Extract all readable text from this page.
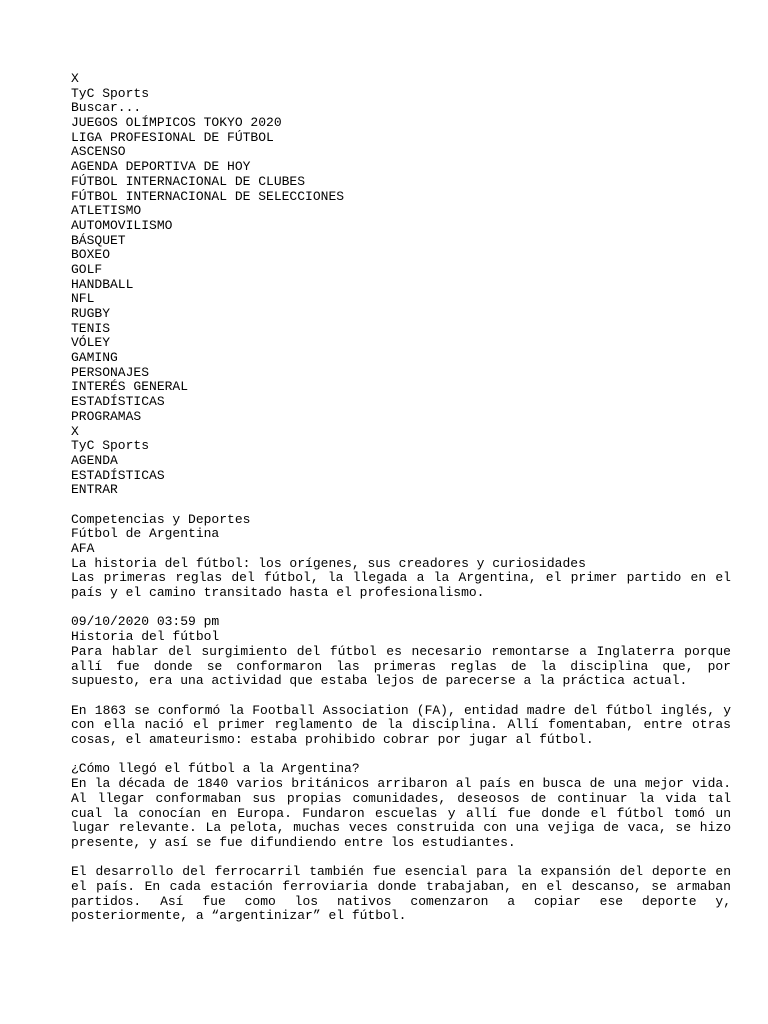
X
TyC Sports
Buscar...
JUEGOS OLÍMPICOS TOKYO 2020
LIGA PROFESIONAL DE FÚTBOL
ASCENSO
AGENDA DEPORTIVA DE HOY
FÚTBOL INTERNACIONAL DE CLUBES
FÚTBOL INTERNACIONAL DE SELECCIONES
ATLETISMO
AUTOMOVILISMO
BÁSQUET
BOXEO
GOLF
HANDBALL
NFL
RUGBY
TENIS
VÓLEY
GAMING
PERSONAJES
INTERÉS GENERAL
ESTADÍSTICAS
PROGRAMAS
X
TyC Sports
AGENDA
ESTADÍSTICAS
ENTRAR
Competencias y Deportes
Fútbol de Argentina
AFA
La historia del fútbol: los orígenes, sus creadores y curiosidades

Las primeras reglas del fútbol, la llegada a la Argentina, el primer partido en el país y el camino transitado hasta el profesionalismo.

09/10/2020 03:59 pm
Historia del fútbol

Para hablar del surgimiento del fútbol es necesario remontarse a Inglaterra porque allí fue donde se conformaron las primeras reglas de la disciplina que, por supuesto, era una actividad que estaba lejos de parecerse a la práctica actual.

En 1863 se conformó la Football Association (FA), entidad madre del fútbol inglés, y con ella nació el primer reglamento de la disciplina. Allí fomentaban, entre otras cosas, el amateurismo: estaba prohibido cobrar por jugar al fútbol.

¿Cómo llegó el fútbol a la Argentina?

En la década de 1840 varios británicos arribaron al país en busca de una mejor vida. Al llegar conformaban sus propias comunidades, deseosos de continuar la vida tal cual la conocían en Europa. Fundaron escuelas y allí fue donde el fútbol tomó un lugar relevante. La pelota, muchas veces construida con una vejiga de vaca, se hizo presente, y así se fue difundiendo entre los estudiantes.

El desarrollo del ferrocarril también fue esencial para la expansión del deporte en el país. En cada estación ferroviaria donde trabajaban, en el descanso, se armaban partidos. Así fue como los nativos comenzaron a copiar ese deporte y, posteriormente, a “argentinizar” el fútbol.
